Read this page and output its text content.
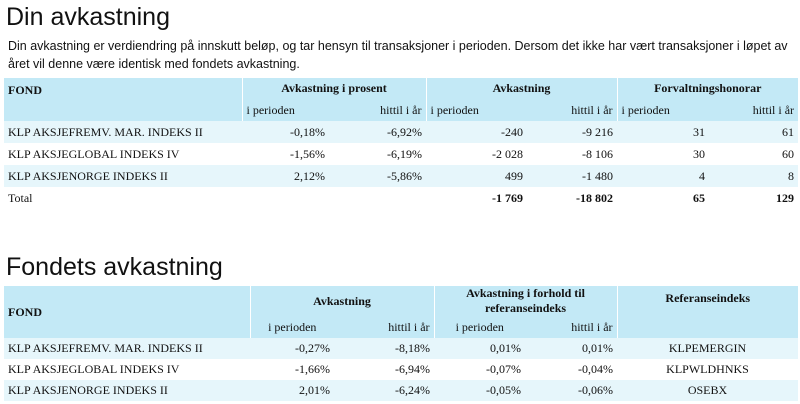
Din avkastning

Din avkastning er verdiendring på innskutt beløp, og tar hensyn til transaksjoner i perioden. Dersom det ikke har vært transaksjoner i løpet av året vil denne være identisk med fondets avkastning.

FOND	Avkastning i prosent		Avkastning		Forvaltningshonorar	
	i perioden	hittil i år	i perioden	hittil i år	i perioden	hittil i år
KLP AKSJEFREMV. MAR. INDEKS II	-0,18%	-6,92%	-240	-9 216	31	61
KLP AKSJEGLOBAL INDEKS IV	-1,56%	-6,19%	-2 028	-8 106	30	60
KLP AKSJENORGE INDEKS II	2,12%	-5,86%	499	-1 480	4	8
Total			-1 769	-18 802	65	129
Fondets avkastning
FOND	Avkastning		Avkastning i forhold til referanseindeks		Referanseindeks
	i perioden	hittil i år	i perioden	hittil i år	
KLP AKSJEFREMV. MAR. INDEKS II	-0,27%	-8,18%	0,01%	0,01%	KLPEMERGIN
KLP AKSJEGLOBAL INDEKS IV	-1,66%	-6,94%	-0,07%	-0,04%	KLPWLDHNKS
KLP AKSJENORGE INDEKS II	2,01%	-6,24%	-0,05%	-0,06%	OSEBX
